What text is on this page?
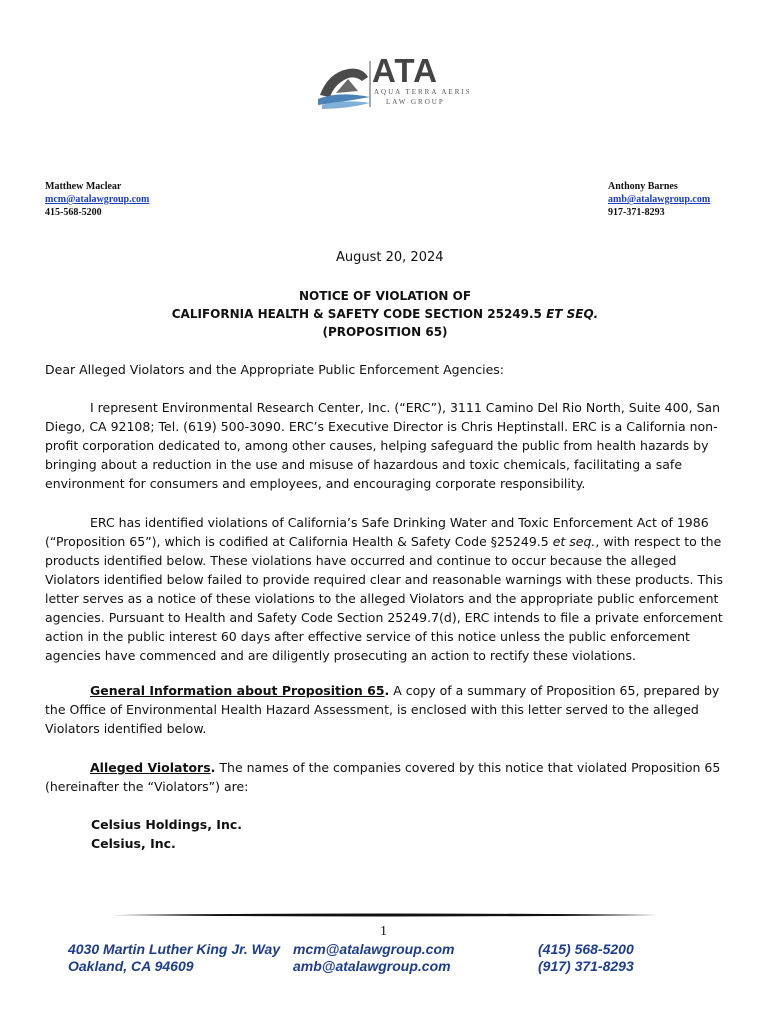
ATA
AQUA TERRA AERIS
LAW GROUP
Matthew Maclear
mcm@atalawgroup.com
415-568-5200
Anthony Barnes
amb@atalawgroup.com
917-371-8293
August 20, 2024
NOTICE OF VIOLATION OF
CALIFORNIA HEALTH & SAFETY CODE SECTION 25249.5 ET SEQ.
(PROPOSITION 65)
Dear Alleged Violators and the Appropriate Public Enforcement Agencies:
I represent Environmental Research Center, Inc. (“ERC”), 3111 Camino Del Rio North, Suite 400, San Diego, CA 92108; Tel. (619) 500-3090. ERC’s Executive Director is Chris Heptinstall. ERC is a California non-profit corporation dedicated to, among other causes, helping safeguard the public from health hazards by bringing about a reduction in the use and misuse of hazardous and toxic chemicals, facilitating a safe environment for consumers and employees, and encouraging corporate responsibility.
ERC has identified violations of California’s Safe Drinking Water and Toxic Enforcement Act of 1986 (“Proposition 65”), which is codified at California Health & Safety Code §25249.5 et seq., with respect to the products identified below. These violations have occurred and continue to occur because the alleged Violators identified below failed to provide required clear and reasonable warnings with these products. This letter serves as a notice of these violations to the alleged Violators and the appropriate public enforcement agencies. Pursuant to Health and Safety Code Section 25249.7(d), ERC intends to file a private enforcement action in the public interest 60 days after effective service of this notice unless the public enforcement agencies have commenced and are diligently prosecuting an action to rectify these violations.
General Information about Proposition 65. A copy of a summary of Proposition 65, prepared by the Office of Environmental Health Hazard Assessment, is enclosed with this letter served to the alleged Violators identified below.
Alleged Violators. The names of the companies covered by this notice that violated Proposition 65 (hereinafter the “Violators”) are:
Celsius Holdings, Inc.
Celsius, Inc.
1
4030 Martin Luther King Jr. Way
Oakland, CA 94609
mcm@atalawgroup.com
amb@atalawgroup.com
(415) 568-5200
(917) 371-8293
